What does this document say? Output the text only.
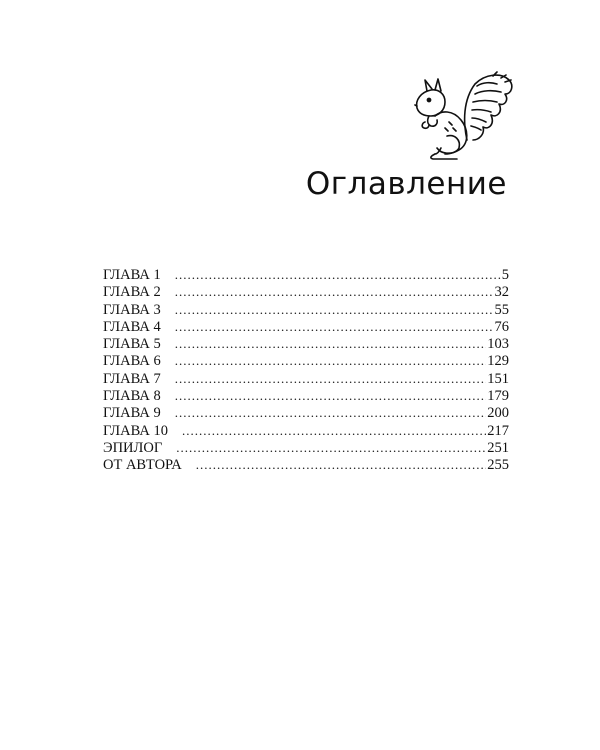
Оглавление
ГЛАВА 1 .....	5
ГЛАВА 2 .....	32
ГЛАВА 3 .....	55
ГЛАВА 4 .....	76
ГЛАВА 5 .....	103
ГЛАВА 6 .....	129
ГЛАВА 7 .....	151
ГЛАВА 8 .....	179
ГЛАВА 9 .....	200
ГЛАВА 10 .....	217
ЭПИЛОГ .....	251
ОТ АВТОРА .....	255
